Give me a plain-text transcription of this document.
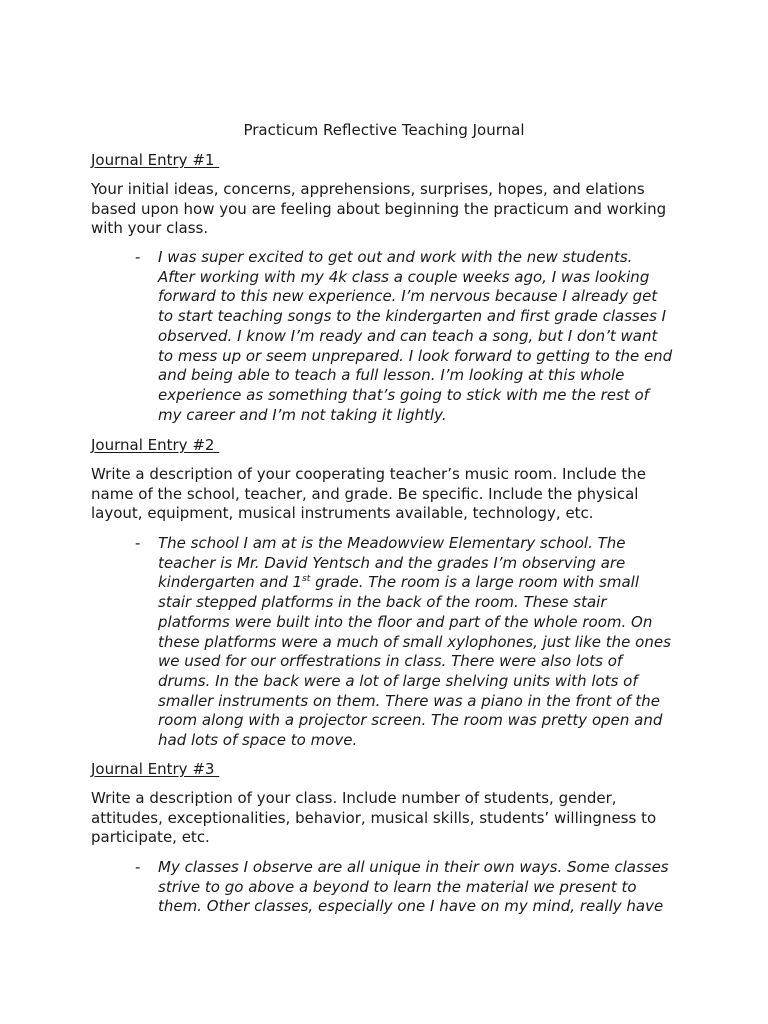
Practicum Reflective Teaching Journal
Journal Entry #1

Your initial ideas, concerns, apprehensions, surprises, hopes, and elations
based upon how you are feeling about beginning the practicum and working
with your class.

- I was super excited to get out and work with the new students.
After working with my 4k class a couple weeks ago, I was looking
forward to this new experience. I’m nervous because I already get
to start teaching songs to the kindergarten and first grade classes I
observed. I know I’m ready and can teach a song, but I don’t want
to mess up or seem unprepared. I look forward to getting to the end
and being able to teach a full lesson. I’m looking at this whole
experience as something that’s going to stick with me the rest of
my career and I’m not taking it lightly.

Journal Entry #2

Write a description of your cooperating teacher’s music room. Include the
name of the school, teacher, and grade. Be specific. Include the physical
layout, equipment, musical instruments available, technology, etc.

- The school I am at is the Meadowview Elementary school. The
teacher is Mr. David Yentsch and the grades I’m observing are
kindergarten and 1st grade. The room is a large room with small
stair stepped platforms in the back of the room. These stair
platforms were built into the floor and part of the whole room. On
these platforms were a much of small xylophones, just like the ones
we used for our orffestrations in class. There were also lots of
drums. In the back were a lot of large shelving units with lots of
smaller instruments on them. There was a piano in the front of the
room along with a projector screen. The room was pretty open and
had lots of space to move.

Journal Entry #3

Write a description of your class. Include number of students, gender,
attitudes, exceptionalities, behavior, musical skills, students’ willingness to
participate, etc.

- My classes I observe are all unique in their own ways. Some classes
strive to go above a beyond to learn the material we present to
them. Other classes, especially one I have on my mind, really have
